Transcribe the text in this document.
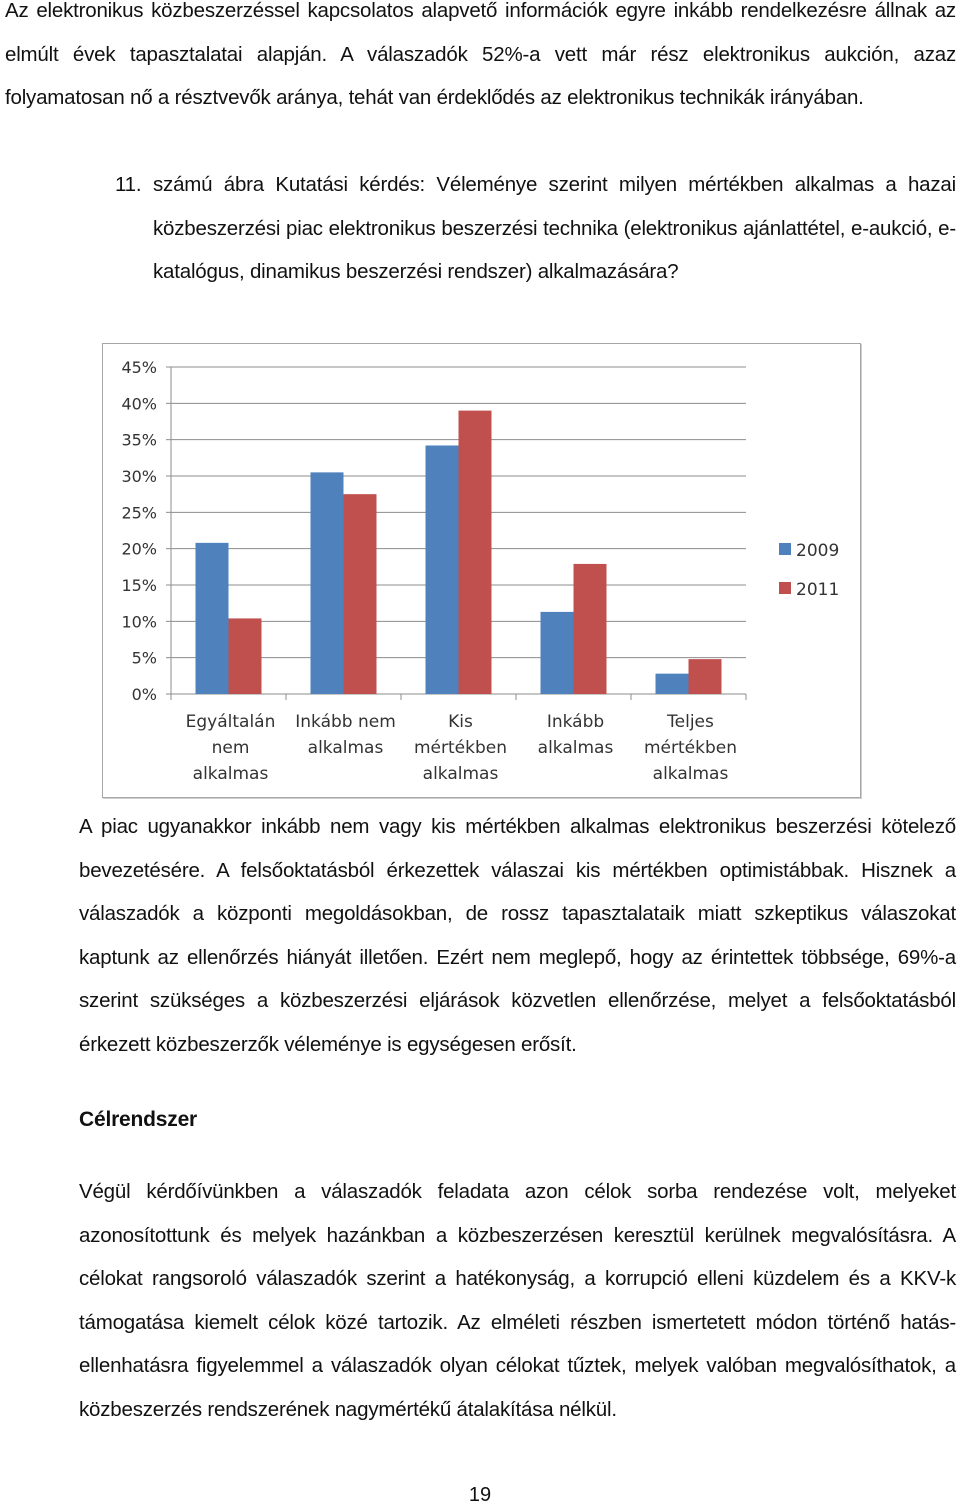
Az elektronikus közbeszerzéssel kapcsolatos alapvető információk egyre inkább rendelkezésre állnak az elmúlt évek tapasztalatai alapján. A válaszadók 52%-a vett már rész elektronikus aukción, azaz folyamatosan nő a résztvevők aránya, tehát van érdeklődés az elektronikus technikák irányában.

11. számú ábra Kutatási kérdés: Véleménye szerint milyen mértékben alkalmas a hazai közbeszerzési piac elektronikus beszerzési technika (elektronikus ajánlattétel, e-aukció, e-katalógus, dinamikus beszerzési rendszer) alkalmazására?
0%
5%
10%
15%
20%
25%
30%
35%
40%
45%
Egyáltalán
nem
alkalmas
Inkább nem
alkalmas
Kis
mértékben
alkalmas
Inkább
alkalmas
Teljes
mértékben
alkalmas
2009
2011

A piac ugyanakkor inkább nem vagy kis mértékben alkalmas elektronikus beszerzési kötelező bevezetésére. A felsőoktatásból érkezettek válaszai kis mértékben optimistábbak. Hisznek a válaszadók a központi megoldásokban, de rossz tapasztalataik miatt szkeptikus válaszokat kaptunk az ellenőrzés hiányát illetően. Ezért nem meglepő, hogy az érintettek többsége, 69%-a szerint szükséges a közbeszerzési eljárások közvetlen ellenőrzése, melyet a felsőoktatásból érkezett közbeszerzők véleménye is egységesen erősít.

Célrendszer

Végül kérdőívünkben a válaszadók feladata azon célok sorba rendezése volt, melyeket azonosítottunk és melyek hazánkban a közbeszerzésen keresztül kerülnek megvalósításra. A célokat rangsoroló válaszadók szerint a hatékonyság, a korrupció elleni küzdelem és a KKV-k támogatása kiemelt célok közé tartozik. Az elméleti részben ismertetett módon történő hatás-ellenhatásra figyelemmel a válaszadók olyan célokat tűztek, melyek valóban megvalósíthatok, a közbeszerzés rendszerének nagymértékű átalakítása nélkül.

19
